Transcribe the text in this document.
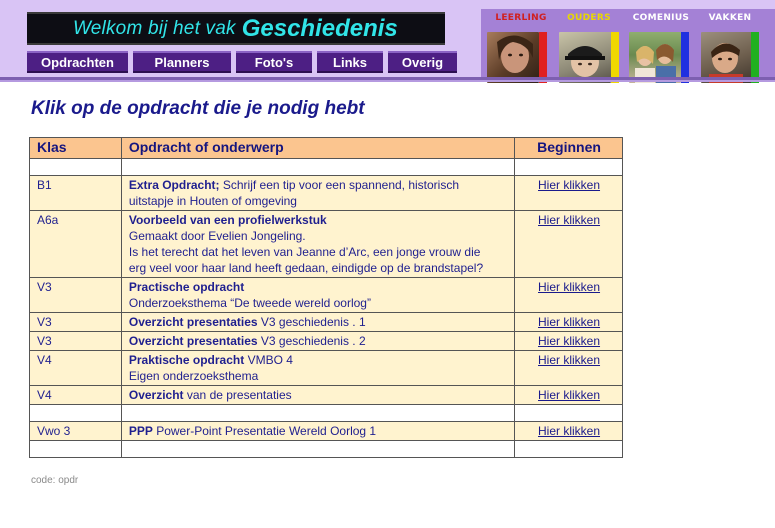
Welkom bij het vak Geschiedenis
Opdrachten	Planners	Foto's	Links	Overig
LEERLING OUDERS COMENIUS VAKKEN
Klik op de opdracht die je nodig hebt
Klas	Opdracht of onderwerp	Beginnen

B1	Extra Opdracht; Schrijf een tip voor een spannend, historisch
uitstapje in Houten of omgeving	Hier klikken
A6a	Voorbeeld van een profielwerkstuk
Gemaakt door Evelien Jongeling.
Is het terecht dat het leven van Jeanne d’Arc, een jonge vrouw die
erg veel voor haar land heeft gedaan, eindigde op de brandstapel?	Hier klikken
V3	Practische opdracht
Onderzoeksthema “De tweede wereld oorlog”	Hier klikken
V3	Overzicht presentaties V3 geschiedenis . 1	Hier klikken
V3	Overzicht presentaties V3 geschiedenis . 2	Hier klikken
V4	Praktische opdracht VMBO 4
Eigen onderzoeksthema	Hier klikken
V4	Overzicht van de presentaties	Hier klikken

Vwo 3	PPP Power-Point Presentatie Wereld Oorlog 1	Hier klikken

code: opdr
